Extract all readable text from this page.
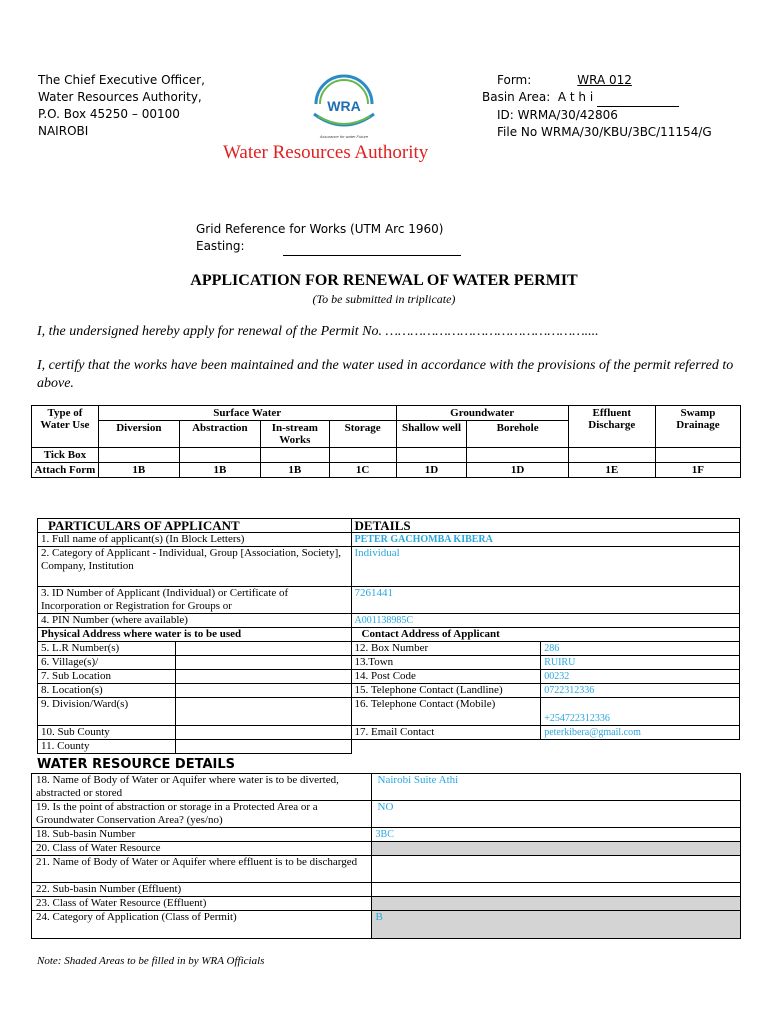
The Chief Executive Officer,
Water Resources Authority,
P.O. Box 45250 – 00100
NAIROBI
WRA
Assurance for water Future
Form:	WRA 012
Basin Area: A t h i
ID: WRMA/30/42806
File No WRMA/30/KBU/3BC/11154/G
Water Resources Authority
Grid Reference for Works (UTM Arc 1960)
Easting:
APPLICATION FOR RENEWAL OF WATER PERMIT
(To be submitted in triplicate)
I, the undersigned hereby apply for renewal of the Permit No. …………………………………………....
I, certify that the works have been maintained and the water used in accordance with the provisions of the permit referred to above.
Type of Water Use	Surface Water				Groundwater		Effluent Discharge	Swamp Drainage
	Diversion	Abstraction	In-stream Works	Storage	Shallow well	Borehole		
Tick Box								
Attach Form	1B	1B	1B	1C	1D	1D	1E	1F
PARTICULARS OF APPLICANT		DETAILS	
1. Full name of applicant(s) (In Block Letters)		PETER GACHOMBA KIBERA	
2. Category of Applicant - Individual, Group [Association, Society], Company, Institution		Individual	
3. ID Number of Applicant (Individual) or Certificate of Incorporation or Registration for Groups or		7261441	
4. PIN Number (where available)		A001138985C	
Physical Address where water is to be used		Contact Address of Applicant	
5. L.R Number(s)		12. Box Number	286
6. Village(s)/		13.Town	RUIRU
7. Sub Location		14. Post Code	00232
8. Location(s)		15. Telephone Contact (Landline)	0722312336
9. Division/Ward(s)		16. Telephone Contact (Mobile)	+254722312336
10. Sub County		17. Email Contact	peterkibera@gmail.com
11. County			
WATER RESOURCE DETAILS
18. Name of Body of Water or Aquifer where water is to be diverted, abstracted or stored	Nairobi Suite Athi
19. Is the point of abstraction or storage in a Protected Area or a Groundwater Conservation Area? (yes/no)	NO
18. Sub-basin Number	3BC
20. Class of Water Resource	
21. Name of Body of Water or Aquifer where effluent is to be discharged	
22. Sub-basin Number (Effluent)	
23. Class of Water Resource (Effluent)	
24. Category of Application (Class of Permit)	B
Note: Shaded Areas to be filled in by WRA Officials
